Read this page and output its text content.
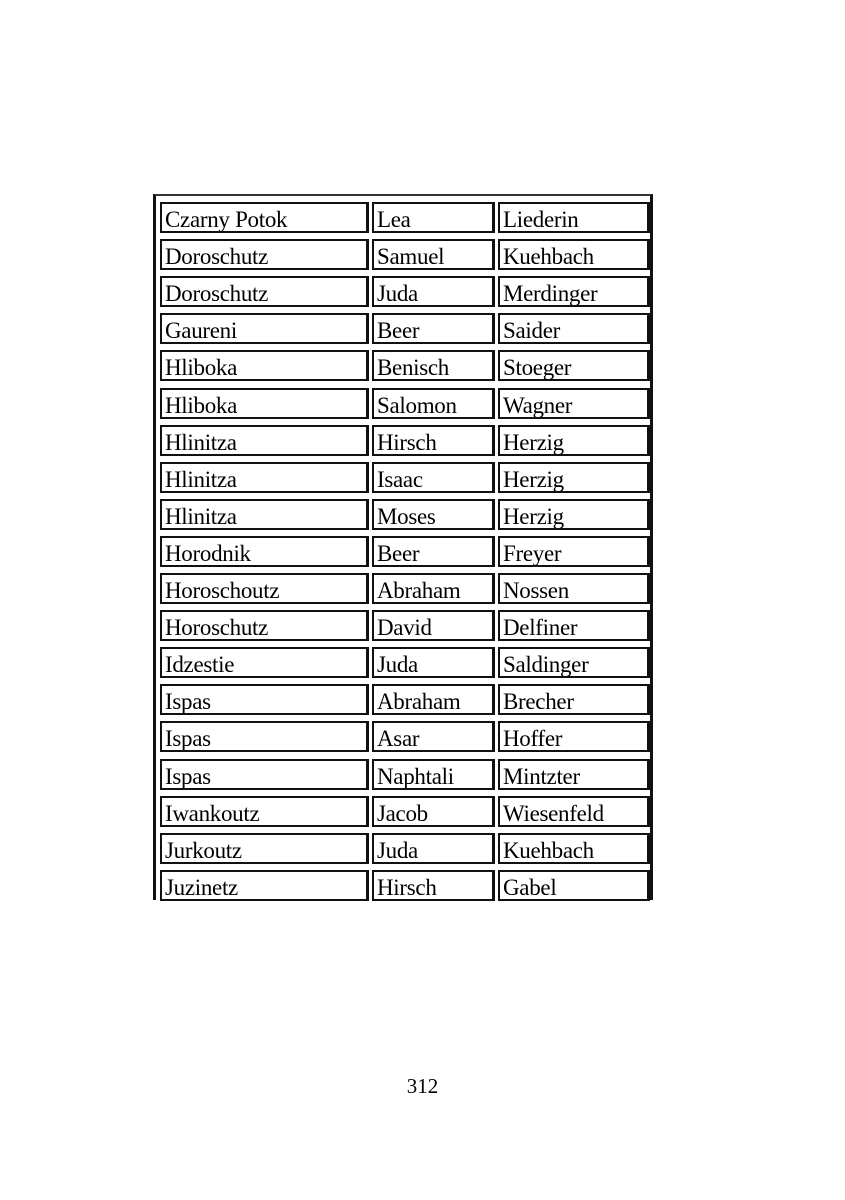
Czarny Potok	Lea	Liederin
Doroschutz	Samuel	Kuehbach
Doroschutz	Juda	Merdinger
Gaureni	Beer	Saider
Hliboka	Benisch	Stoeger
Hliboka	Salomon	Wagner
Hlinitza	Hirsch	Herzig
Hlinitza	Isaac	Herzig
Hlinitza	Moses	Herzig
Horodnik	Beer	Freyer
Horoschoutz	Abraham	Nossen
Horoschutz	David	Delfiner
Idzestie	Juda	Saldinger
Ispas	Abraham	Brecher
Ispas	Asar	Hoffer
Ispas	Naphtali	Mintzter
Iwankoutz	Jacob	Wiesenfeld
Jurkoutz	Juda	Kuehbach
Juzinetz	Hirsch	Gabel
312
